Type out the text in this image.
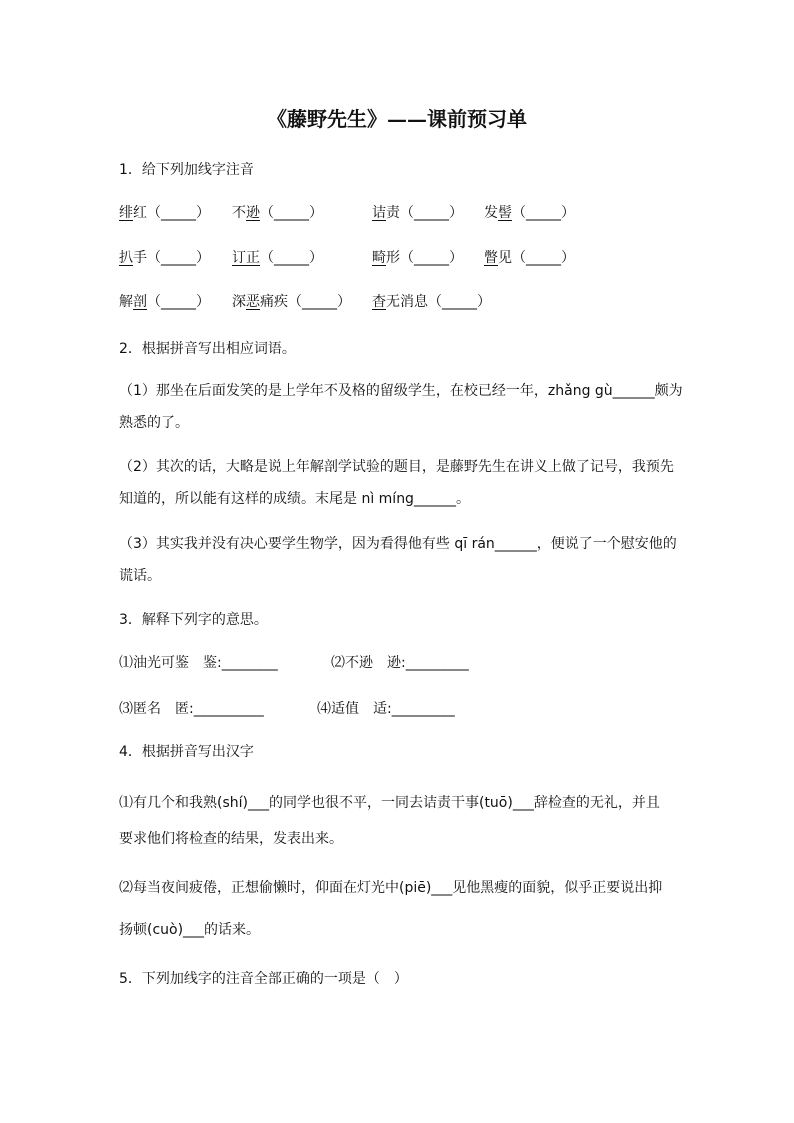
《藤野先生》——课前预习单
1．给下列加线字注音
绯红（_____） 不逊（_____）	诘责（_____） 发髻（_____）
扒手（_____） 订正（_____）	畸形（_____） 瞥见（_____）
解剖（_____） 深恶痛疾（_____） 杳无消息（_____）
2．根据拼音写出相应词语。
（1）那坐在后面发笑的是上学年不及格的留级学生，在校已经一年，zhǎng gù______颇为
熟悉的了。
（2）其次的话，大略是说上年解剖学试验的题目，是藤野先生在讲义上做了记号，我预先
知道的，所以能有这样的成绩。末尾是 nì míng______。
（3）其实我并没有决心要学生物学，因为看得他有些 qī rán______，便说了一个慰安他的
谎话。
3．解释下列字的意思。
⑴油光可鉴　鉴:________	⑵不逊　逊:_________
⑶匿名　匿:__________	⑷适值　适:_________
4．根据拼音写出汉字
⑴有几个和我熟(shí)___的同学也很不平，一同去诘责干事(tuō)___辞检查的无礼，并且
要求他们将检查的结果，发表出来。
⑵每当夜间疲倦，正想偷懒时，仰面在灯光中(piē)___见他黑瘦的面貌，似乎正要说出抑
扬顿(cuò)___的话来。
5．下列加线字的注音全部正确的一项是（　）
